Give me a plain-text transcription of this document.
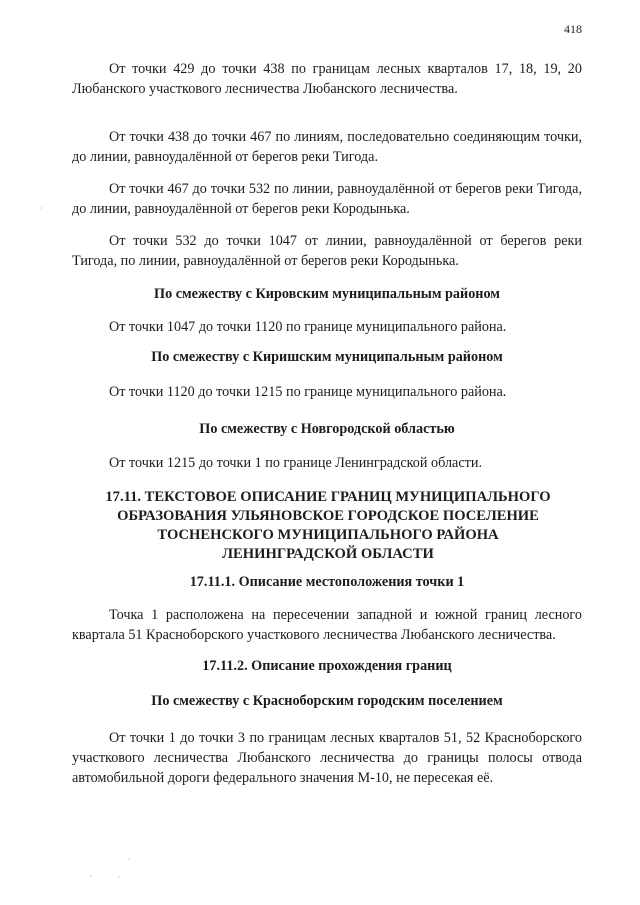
418

От точки 429 до точки 438 по границам лесных кварталов 17, 18, 19, 20 Любанского участкового лесничества Любанского лесничества.

От точки 438 до точки 467 по линиям, последовательно соединяющим точки, до линии, равноудалённой от берегов реки Тигода.

От точки 467 до точки 532 по линии, равноудалённой от берегов реки Тигода, до линии, равноудалённой от берегов реки Кородынька.

·

От точки 532 до точки 1047 от линии, равноудалённой от берегов реки Тигода, по линии, равноудалённой от берегов реки Кородынька.

По смежеству с Кировским муниципальным районом

От точки 1047 до точки 1120 по границе муниципального района.

По смежеству с Киришским муниципальным районом

От точки 1120 до точки 1215 по границе муниципального района.

По смежеству с Новгородской областью

От точки 1215 до точки 1 по границе Ленинградской области.

17.11. ТЕКСТОВОЕ ОПИСАНИЕ ГРАНИЦ МУНИЦИПАЛЬНОГО
ОБРАЗОВАНИЯ УЛЬЯНОВСКОЕ ГОРОДСКОЕ ПОСЕЛЕНИЕ
ТОСНЕНСКОГО МУНИЦИПАЛЬНОГО РАЙОНА
ЛЕНИНГРАДСКОЙ ОБЛАСТИ
17.11.1. Описание местоположения точки 1

Точка 1 расположена на пересечении западной и южной границ лесного квартала 51 Красноборского участкового лесничества Любанского лесничества.

17.11.2. Описание прохождения границ
По смежеству с Красноборским городским поселением

От точки 1 до точки 3 по границам лесных кварталов 51, 52 Красноборского участкового лесничества Любанского лесничества до границы полосы отвода автомобильной дороги федерального значения М-10, не пересекая её.

·
·	·
